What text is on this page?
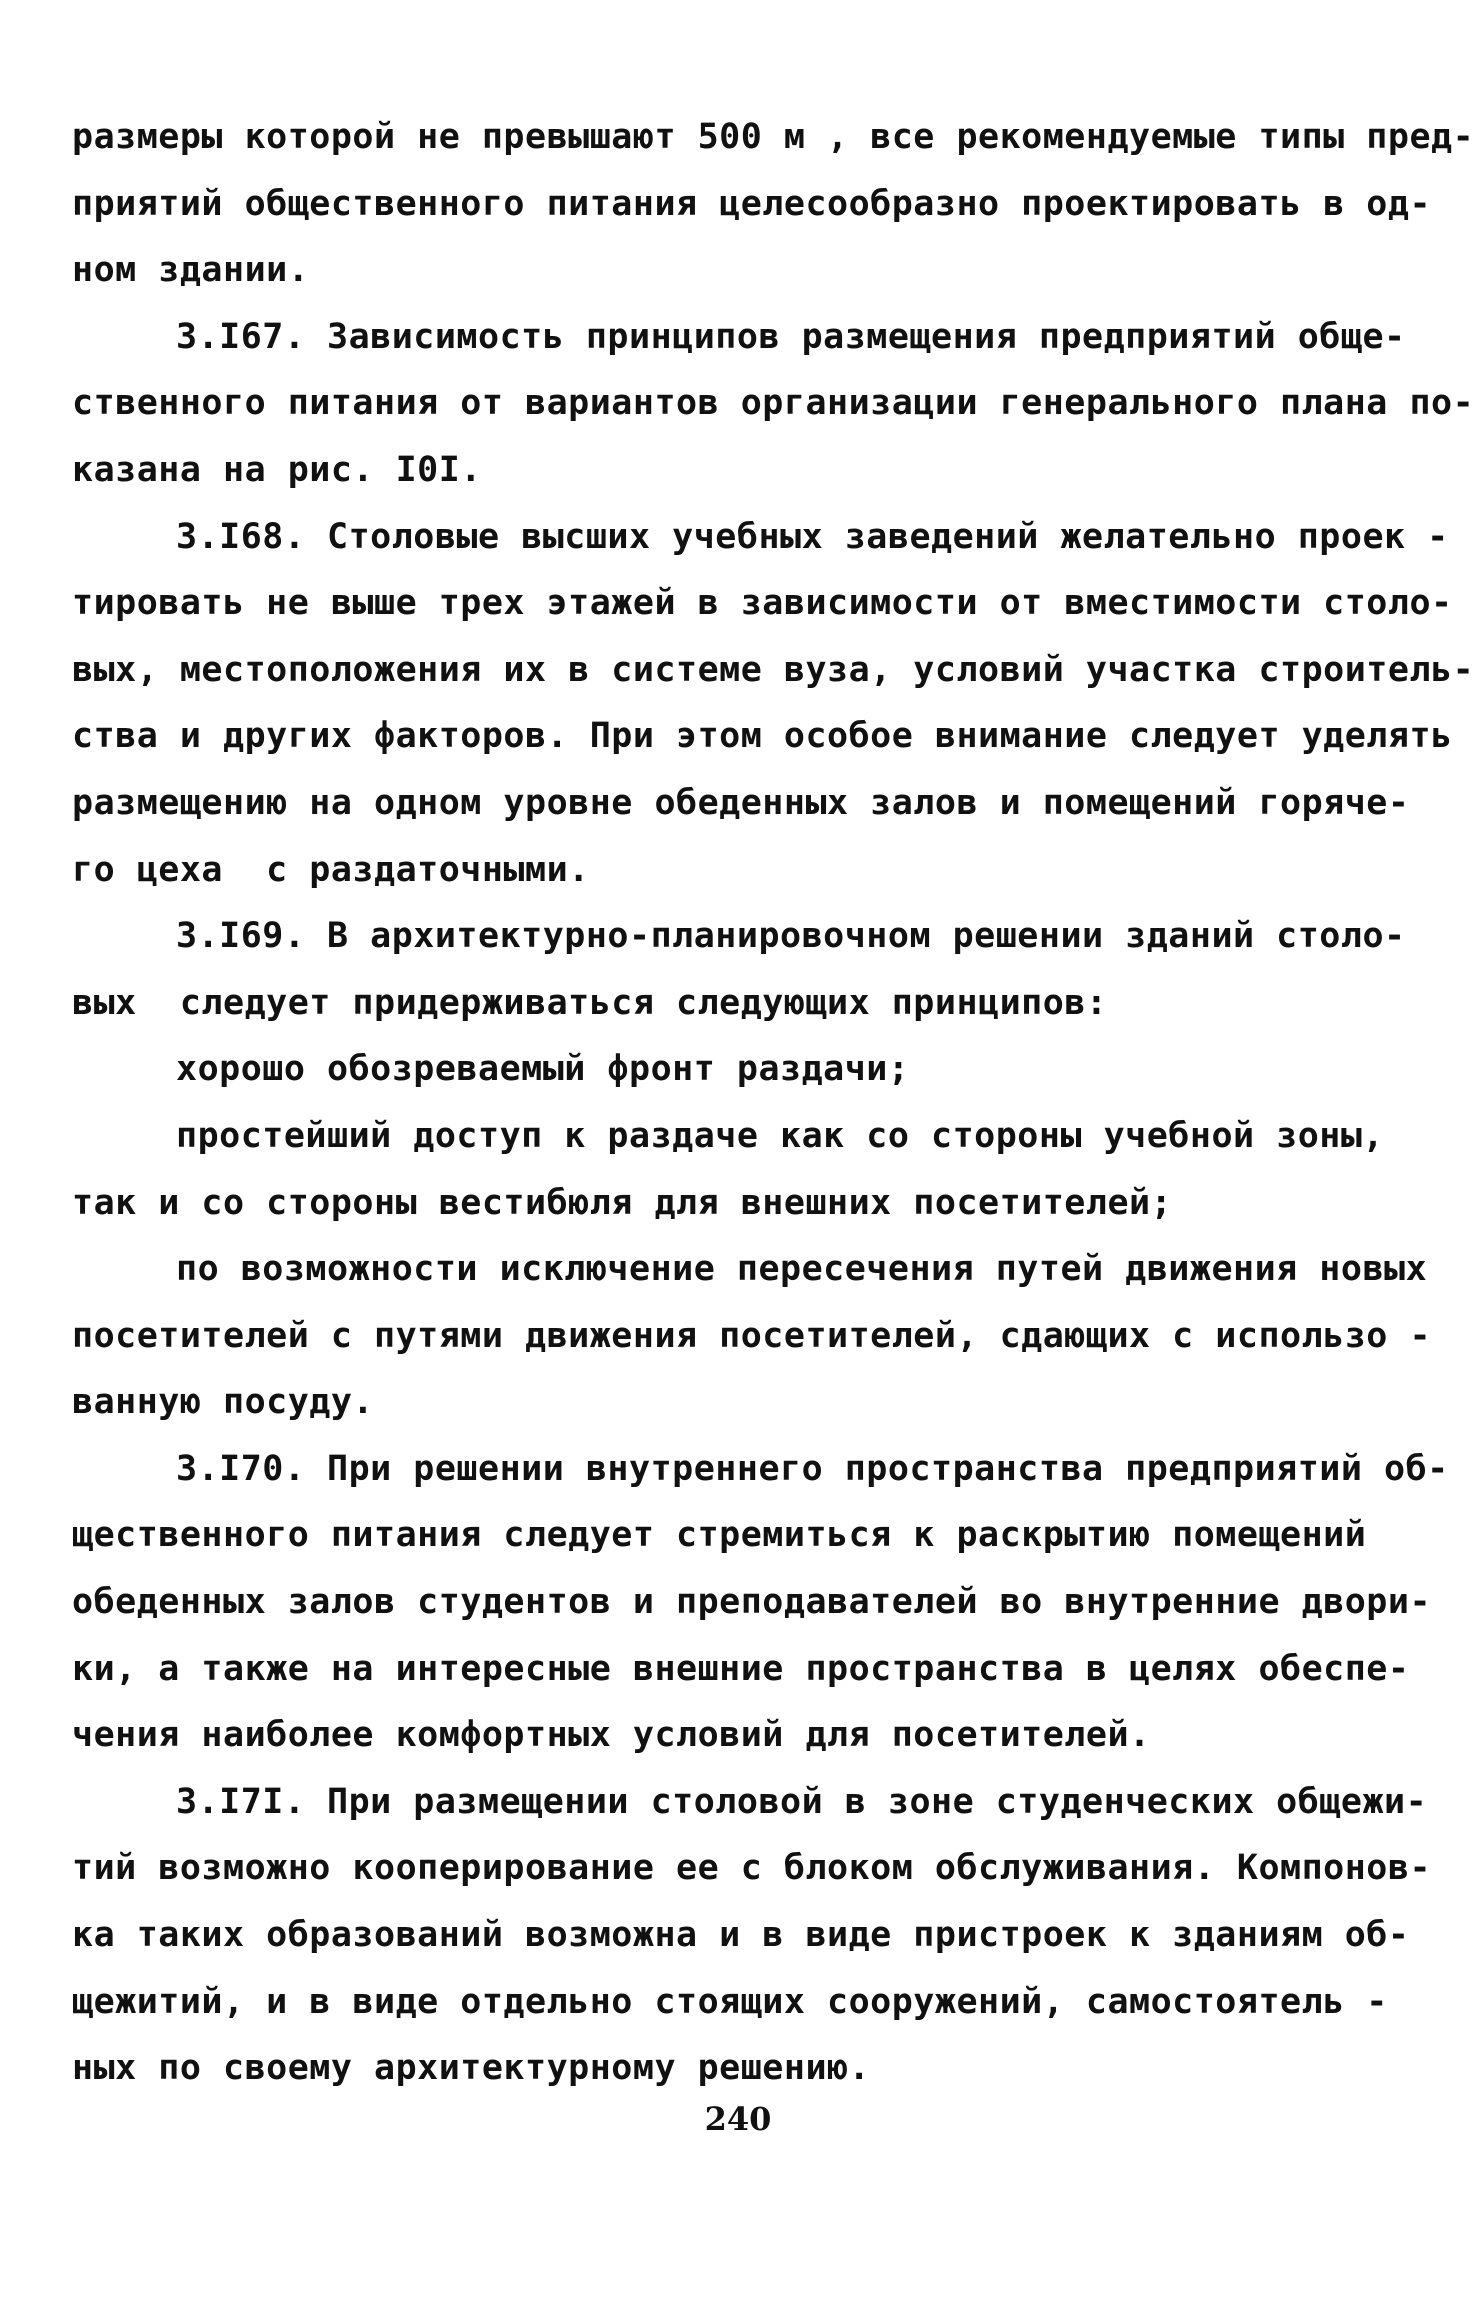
размеры которой не превышают 500 м , все рекомендуемые типы пред-
приятий общественного питания целесообразно проектировать в од-
ном здании.
3.I67. Зависимость принципов размещения предприятий обще-
ственного питания от вариантов организации генерального плана по-
казана на рис. I0I.
3.I68. Столовые высших учебных заведений желательно проек -
тировать не выше трех этажей в зависимости от вместимости столо-
вых, местоположения их в системе вуза, условий участка строитель-
ства и других факторов. При этом особое внимание следует уделять
размещению на одном уровне обеденных залов и помещений горяче-
го цеха  с раздаточными.
3.I69. В архитектурно-планировочном решении зданий столо-
вых  следует придерживаться следующих принципов:
хорошо обозреваемый фронт раздачи;
простейший доступ к раздаче как со стороны учебной зоны,
так и со стороны вестибюля для внешних посетителей;
по возможности исключение пересечения путей движения новых
посетителей с путями движения посетителей, сдающих с использо -
ванную посуду.
3.I70. При решении внутреннего пространства предприятий об-
щественного питания следует стремиться к раскрытию помещений
обеденных залов студентов и преподавателей во внутренние двори-
ки, а также на интересные внешние пространства в целях обеспе-
чения наиболее комфортных условий для посетителей.
3.I7I. При размещении столовой в зоне студенческих общежи-
тий возможно кооперирование ее с блоком обслуживания. Компонов-
ка таких образований возможна и в виде пристроек к зданиям об-
щежитий, и в виде отдельно стоящих сооружений, самостоятель -
ных по своему архитектурному решению.
240
